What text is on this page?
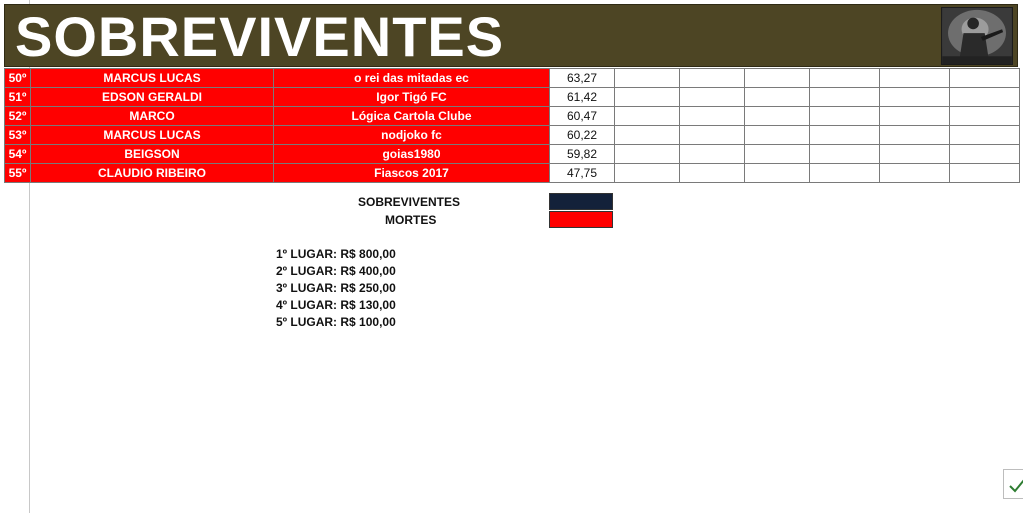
SOBREVIVENTES
50º	MARCUS LUCAS	o rei das mitadas ec	63,27						
51º	EDSON GERALDI	Igor Tigó FC	61,42						
52º	MARCO	Lógica Cartola Clube	60,47						
53º	MARCUS LUCAS	nodjoko fc	60,22						
54º	BEIGSON	goias1980	59,82						
55º	CLAUDIO RIBEIRO	Fiascos 2017	47,75						
SOBREVIVENTES
MORTES
1º LUGAR: R$ 800,00
2º LUGAR: R$ 400,00
3º LUGAR: R$ 250,00
4º LUGAR: R$ 130,00
5º LUGAR: R$ 100,00
